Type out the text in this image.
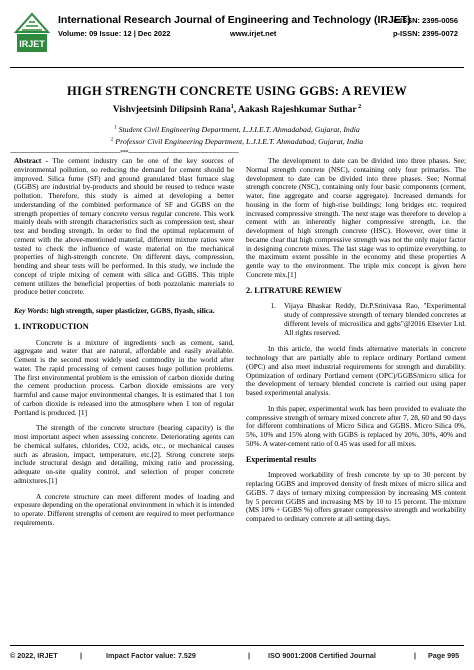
IRJET
International Research Journal of Engineering and Technology (IRJET)
Volume: 09 Issue: 12 | Dec 2022	www.irjet.net
e-ISSN: 2395-0056
p-ISSN: 2395-0072
HIGH STRENGTH CONCRETE USING GGBS: A REVIEW
Vishvjeetsinh Dilipsinh Rana$^1$, Aakash Rajeshkumar Suthar $^2$
$^1$ Student Civil Engineering Department, L.J.I.E.T. Ahmadabad, Gujarat, India
$^2$ Professor Civil Engineering Department, L.J.I.E.T. Ahmadabad, Gujarat, India
---------------------------------------------------------------------***---------------------------------------------------------------------

Abstract - The cement industry can be one of the key sources of environmental pollution, so reducing the demand for cement should be improved. Silica fume (SF) and ground granulated blast furnace slag (GGBS) are industrial by-products and should be reused to reduce waste pollution. Therefore, this study is aimed at developing a better understanding of the combined performance of SF and GGBS on the strength properties of ternary concrete versus regular concrete. This work mainly deals with strength characteristics such as compression test, shear test and bending strength. In order to find the optimal replacement of cement with the above-mentioned material, different mixture ratios were tested to check the influence of waste material on the mechanical properties of high-strength concrete. On different days, compression, bending and shear tests will be performed. In this study, we include the concept of triple mixing of cement with silica and GGBS. This triple cement utilizes the beneficial properties of both pozzolanic materials to produce better concrete.

Key Words: high strength, super plasticizer, GGBS, flyash, silica.

1. INTRODUCTION

Concrete is a mixture of ingredients such as cement, sand, aggregate and water that are natural, affordable and easily available. Cement is the second most widely used commodity in the world after water. The rapid processing of cement causes huge pollution problems. The first environmental problem is the emission of carbon dioxide during the cement production process. Carbon dioxide emissions are very harmful and cause major environmental changes. It is estimated that 1 ton of carbon dioxide is released into the atmosphere when 1 ton of regular Portland is produced. [1]

The strength of the concrete structure (bearing capacity) is the most important aspect when assessing concrete. Deteriorating agents can be chemical sulfates, chlorides, CO2, acids, etc., or mechanical causes such as abrasion, impact, temperature, etc.[2]. Strong concrete steps include structural design and detailing, mixing ratio and processing, adequate on-site quality control, and selection of proper concrete admixtures.[1]

A concrete structure can meet different modes of loading and exposure depending on the operational environment in which it is intended to operate. Different strengths of cement are required to meet performance requirements.

The development to date can be divided into three phases. See; Normal strength concrete (NSC), containing only four primaries. The development to date can be divided into three phases. See; Normal strength concrete (NSC), containing only four basic components (cement, water, fine aggregate and coarse aggregate). Increased demands for housing in the form of high-rise buildings; long bridges etc. required increased compressive strength. The next stage was therefore to develop a cement with an inherently higher compressive strength, i.e. the development of high strength concrete (HSC). However, over time it became clear that high compressive strength was not the only major factor in designing concrete mixes. The last stage was to optimize everything. to the maximum extent possible in the economy and these properties A gentle way to the environment. The triple mix concept is given here Concrete mix.[1]

2. LITRATURE REWIEW
1.	Vijaya Bhaskar Reddy, Dr.P.Srinivasa Rao, "Experimental study of compressive strength of ternary blended concretes at different levels of microsilica and ggbs"@2016 Elsevier Ltd. All rights reserved.

In this article, the world finds alternative materials in concrete technology that are partially able to replace ordinary Portland cement (OPC) and also meet industrial requirements for strength and durability. Optimization of ordinary Portland cement (OPC)/GGBS/micro silica for the development of ternary blended concrete is carried out using paper based experimental analysis.

In this paper, experimental work has been provided to evaluate the compressive strength of ternary mixed concrete after 7, 28, 60 and 90 days for different combinations of Micro Silica and GGBS. Micro Silica 0%, 5%, 10% and 15% along with GGBS is replaced by 20%, 30%, 40% and 50%. A water-cement ratio of 0.45 was used for all mixes.

Experimental results

Improved workability of fresh concrete by up to 30 percent by replacing GGBS and improved density of fresh mixes of micro silica and GGBS. 7 days of ternary mixing compression by increasing MS content by 5 percent GGBS and increasing MS by 10 to 15 percent. The mixture (MS 10% + GGBS %) offers greater compressive strength and workability compared to ordinary concrete at all setting days.

© 2022, IRJET	|	Impact Factor value: 7.529	|	ISO 9001:2008 Certified Journal	|	Page 995
